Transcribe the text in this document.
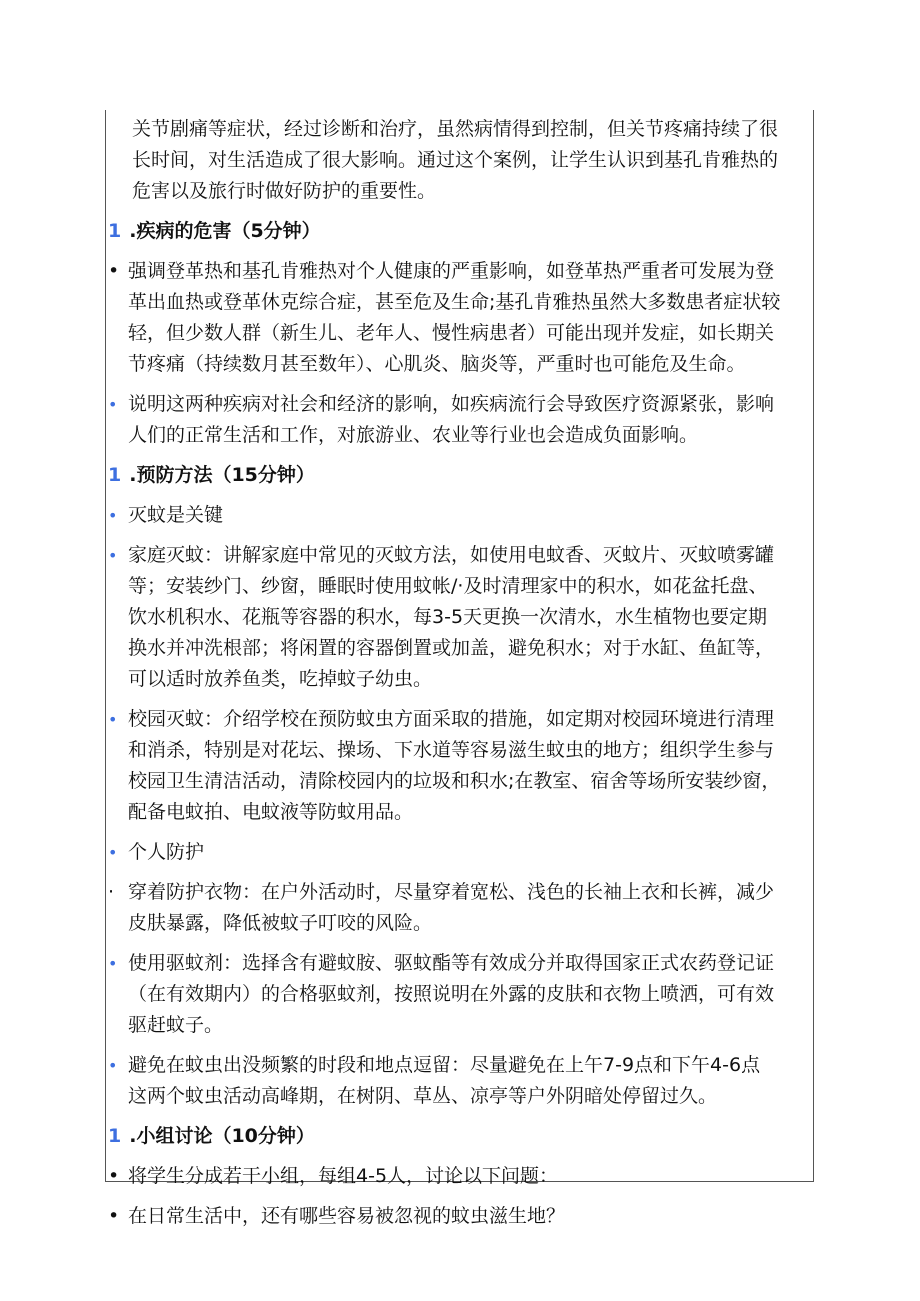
关节剧痛等症状，经过诊断和治疗，虽然病情得到控制，但关节疼痛持续了很
长时间，对生活造成了很大影响。通过这个案例，让学生认识到基孔肯雅热的
危害以及旅行时做好防护的重要性。
1 .疾病的危害（5分钟）
• 强调登革热和基孔肯雅热对个人健康的严重影响，如登革热严重者可发展为登
革出血热或登革休克综合症，甚至危及生命;基孔肯雅热虽然大多数患者症状较
轻，但少数人群（新生儿、老年人、慢性病患者）可能出现并发症，如长期关
节疼痛（持续数月甚至数年）、心肌炎、脑炎等，严重时也可能危及生命。
• 说明这两种疾病对社会和经济的影响，如疾病流行会导致医疗资源紧张，影响
人们的正常生活和工作，对旅游业、农业等行业也会造成负面影响。
1 .预防方法（15分钟）
• 灭蚊是关键
• 家庭灭蚊：讲解家庭中常见的灭蚊方法，如使用电蚊香、灭蚊片、灭蚊喷雾罐
等；安装纱门、纱窗，睡眠时使用蚊帐/·及时清理家中的积水，如花盆托盘、
饮水机积水、花瓶等容器的积水，每3-5天更换一次清水，水生植物也要定期
换水并冲洗根部；将闲置的容器倒置或加盖，避免积水；对于水缸、鱼缸等，
可以适时放养鱼类，吃掉蚊子幼虫。
• 校园灭蚊：介绍学校在预防蚊虫方面采取的措施，如定期对校园环境进行清理
和消杀，特别是对花坛、操场、下水道等容易滋生蚊虫的地方；组织学生参与
校园卫生清洁活动，清除校园内的垃圾和积水;在教室、宿舍等场所安装纱窗，
配备电蚊拍、电蚊液等防蚊用品。
• 个人防护
· 穿着防护衣物：在户外活动时，尽量穿着宽松、浅色的长袖上衣和长裤，减少
皮肤暴露，降低被蚊子叮咬的风险。
• 使用驱蚊剂：选择含有避蚊胺、驱蚊酯等有效成分并取得国家正式农药登记证
（在有效期内）的合格驱蚊剂，按照说明在外露的皮肤和衣物上喷洒，可有效
驱赶蚊子。
• 避免在蚊虫出没频繁的时段和地点逗留：尽量避免在上午7-9点和下午4-6点
这两个蚊虫活动高峰期，在树阴、草丛、凉亭等户外阴暗处停留过久。
1 .小组讨论（10分钟）
• 将学生分成若干小组，每组4-5人，讨论以下问题：
• 在日常生活中，还有哪些容易被忽视的蚊虫滋生地？
